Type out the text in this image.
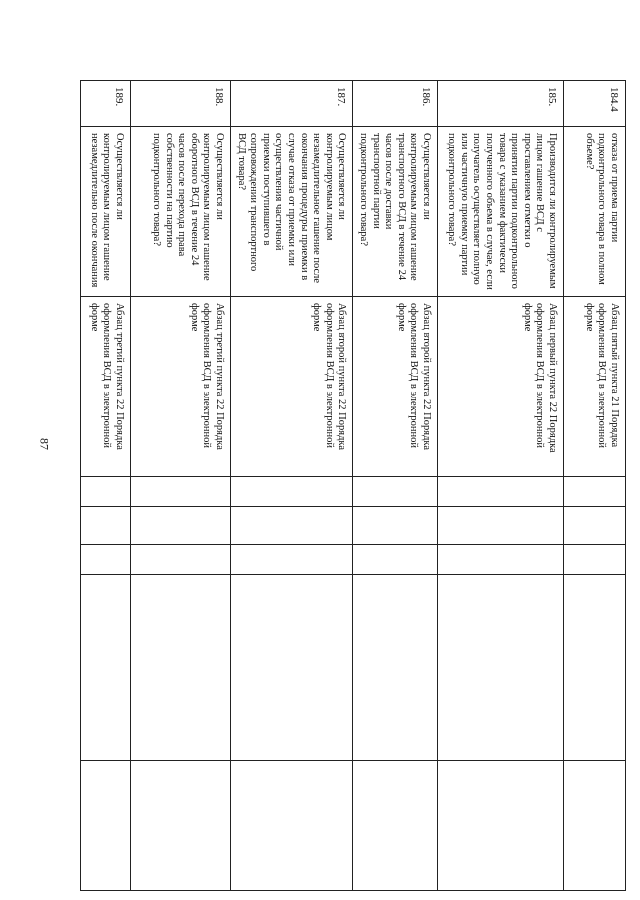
87
184.4	отказа от приема партии подконтрольного товара в полном объеме?	Абзац пятый пункта 21 Порядка оформления ВСД в электронной форме					
185.	Производится ли контролируемым лицом гашение ВСД с проставлением отметки о принятии партии подконтрольного товара с указанием фактически полученного объема в случае, если получатель осуществляет полную или частичную приемку партии подконтрольного товара?	Абзац первый пункта 22 Порядка оформления ВСД в электронной форме					
186.	Осуществляется ли контролируемым лицом гашение транспортного ВСД в течение 24 часов после доставки транспортной партии подконтрольного товара?	Абзац второй пункта 22 Порядка оформления ВСД в электронной форме					
187.	Осуществляется ли контролируемым лицом незамедлительное гашение после окончания процедуры приемки в случае отказа от приемки или осуществления частичной приемки поступившего в сопровождении транспортного ВСД товара?	Абзац второй пункта 22 Порядка оформления ВСД в электронной форме					
188.	Осуществляется ли контролируемым лицом гашение оборотного ВСД в течение 24 часов после перехода права собственности на партию подконтрольного товара?	Абзац третий пункта 22 Порядка оформления ВСД в электронной форме					
189.	Осуществляется ли контролируемым лицом гашение незамедлительно после окончания	Абзац третий пункта 22 Порядка оформления ВСД в электронной форме					
